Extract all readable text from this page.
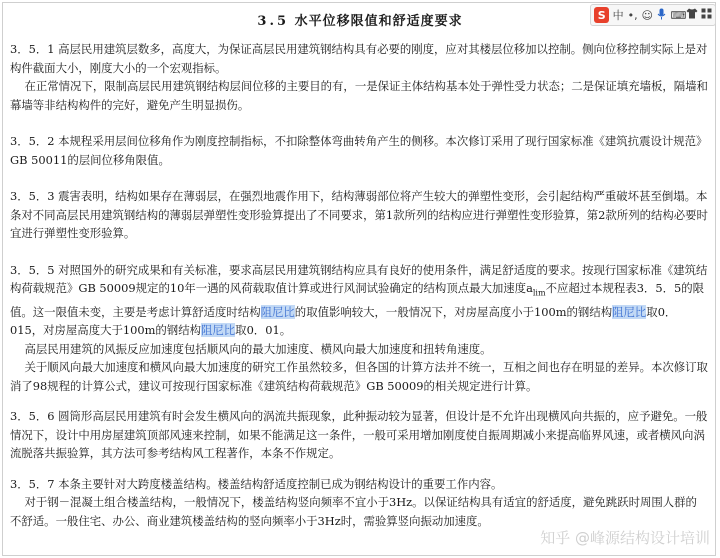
3.5 水平位移限值和舒适度要求	S 中 •, ☺ ⌨

3．5．1 高层民用建筑层数多，高度大，为保证高层民用建筑钢结构具有必要的刚度，应对其楼层位移加以控制。侧向位移控制实际上是对构件截面大小，刚度大小的一个宏观指标。

在正常情况下，限制高层民用建筑钢结构层间位移的主要目的有，一是保证主体结构基本处于弹性受力状态；二是保证填充墙板，隔墙和幕墙等非结构构件的完好，避免产生明显损伤。

3．5．2 本规程采用层间位移角作为刚度控制指标，不扣除整体弯曲转角产生的侧移。本次修订采用了现行国家标准《建筑抗震设计规范》GB 50011的层间位移角限值。

3．5．3 震害表明，结构如果存在薄弱层，在强烈地震作用下，结构薄弱部位将产生较大的弹塑性变形，会引起结构严重破坏甚至倒塌。本条对不同高层民用建筑钢结构的薄弱层弹塑性变形验算提出了不同要求，第1款所列的结构应进行弹塑性变形验算，第2款所列的结构必要时宜进行弹塑性变形验算。

3．5．5 对照国外的研究成果和有关标准，要求高层民用建筑钢结构应具有良好的使用条件，满足舒适度的要求。按现行国家标准《建筑结构荷载规范》GB 50009规定的10年一遇的风荷载取值计算或进行风洞试验确定的结构顶点最大加速度$a_{lim}$不应超过本规程表3．5．5的限值。这一限值未变，主要是考虑计算舒适度时结构阻尼比的取值影响较大，一般情况下，对房屋高度小于100m的钢结构阻尼比取0．015，对房屋高度大于100m的钢结构阻尼比取0．01。

高层民用建筑的风振反应加速度包括顺风向的最大加速度、横风向最大加速度和扭转角速度。

关于顺风向最大加速度和横风向最大加速度的研究工作虽然较多，但各国的计算方法并不统一，互相之间也存在明显的差异。本次修订取消了98规程的计算公式，建议可按现行国家标准《建筑结构荷载规范》GB 50009的相关规定进行计算。

3．5．6 圆筒形高层民用建筑有时会发生横风向的涡流共振现象，此种振动较为显著，但设计是不允许出现横风向共振的，应予避免。一般情况下，设计中用房屋建筑顶部风速来控制，如果不能满足这一条件，一般可采用增加刚度使自振周期减小来提高临界风速，或者横风向涡流脱落共振验算，其方法可参考结构风工程著作，本条不作规定。

3．5．7 本条主要针对大跨度楼盖结构。楼盖结构舒适度控制已成为钢结构设计的重要工作内容。

对于钢－混凝土组合楼盖结构，一般情况下，楼盖结构竖向频率不宜小于3Hz。以保证结构具有适宜的舒适度，避免跳跃时周围人群的不舒适。一般住宅、办公、商业建筑楼盖结构的竖向频率小于3Hz时，需验算竖向振动加速度。

知乎 @峰源结构设计培训
